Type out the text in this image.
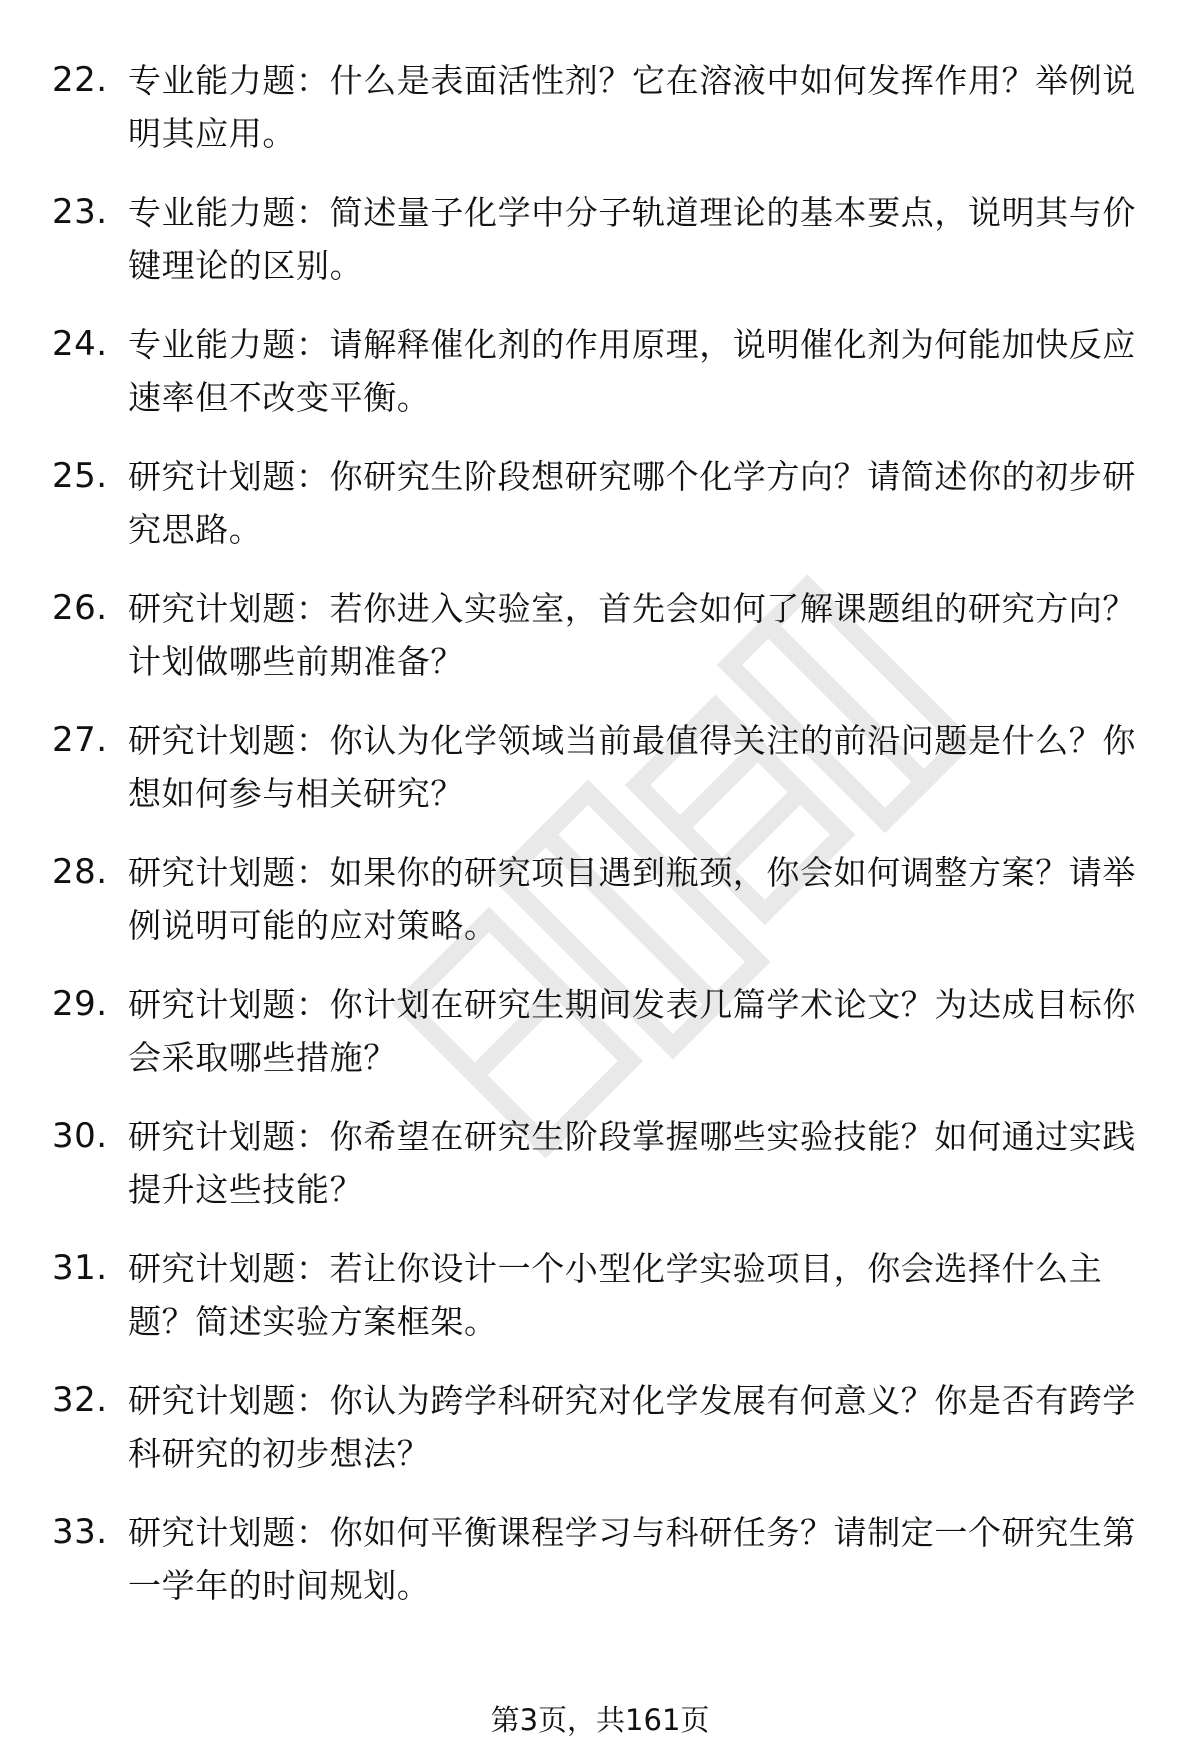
22. 专业能力题：什么是表面活性剂？它在溶液中如何发挥作用？举例说明其应用。
23. 专业能力题：简述量子化学中分子轨道理论的基本要点，说明其与价键理论的区别。
24. 专业能力题：请解释催化剂的作用原理，说明催化剂为何能加快反应速率但不改变平衡。
25. 研究计划题：你研究生阶段想研究哪个化学方向？请简述你的初步研究思路。
26. 研究计划题：若你进入实验室，首先会如何了解课题组的研究方向？计划做哪些前期准备？
27. 研究计划题：你认为化学领域当前最值得关注的前沿问题是什么？你想如何参与相关研究？
28. 研究计划题：如果你的研究项目遇到瓶颈，你会如何调整方案？请举例说明可能的应对策略。
29. 研究计划题：你计划在研究生期间发表几篇学术论文？为达成目标你会采取哪些措施？
30. 研究计划题：你希望在研究生阶段掌握哪些实验技能？如何通过实践提升这些技能？
31. 研究计划题：若让你设计一个小型化学实验项目，你会选择什么主题？简述实验方案框架。
32. 研究计划题：你认为跨学科研究对化学发展有何意义？你是否有跨学科研究的初步想法？
33. 研究计划题：你如何平衡课程学习与科研任务？请制定一个研究生第一学年的时间规划。
第3页，共161页
